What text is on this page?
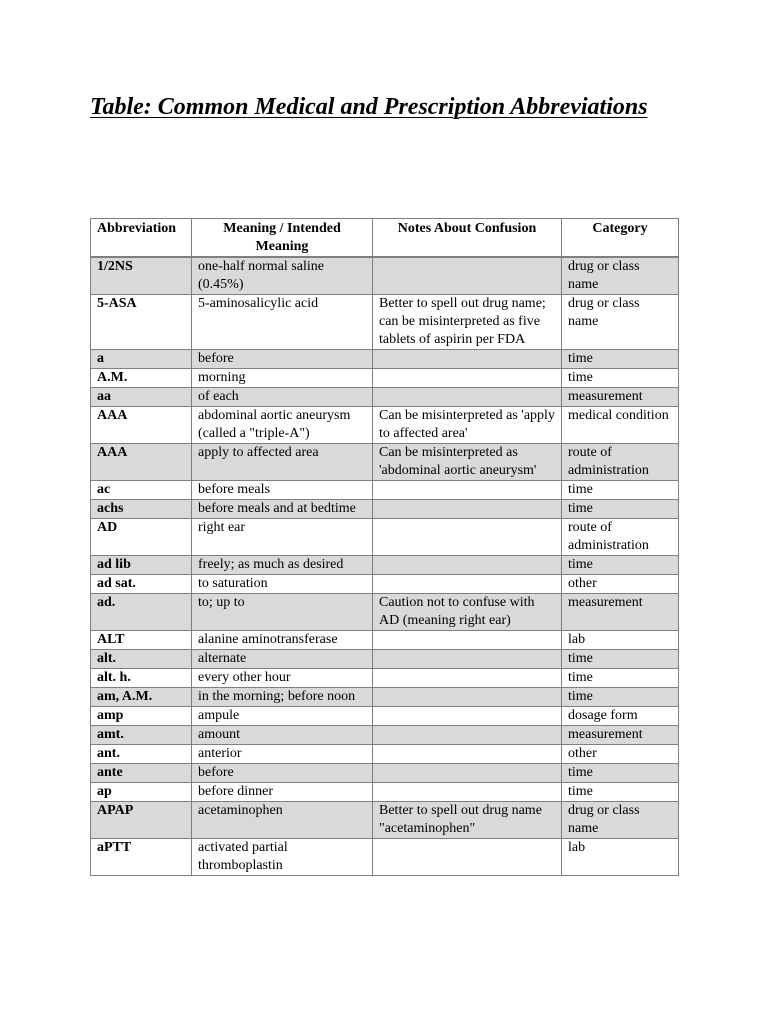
Table: Common Medical and Prescription Abbreviations
Abbreviation	Meaning / Intended Meaning	Notes About Confusion	Category
1/2NS	one-half normal saline (0.45%)		drug or class name
5-ASA	5-aminosalicylic acid	Better to spell out drug name; can be misinterpreted as five tablets of aspirin per FDA	drug or class name
a	before		time
A.M.	morning		time
aa	of each		measurement
AAA	abdominal aortic aneurysm (called a "triple-A")	Can be misinterpreted as 'apply to affected area'	medical condition
AAA	apply to affected area	Can be misinterpreted as 'abdominal aortic aneurysm'	route of administration
ac	before meals		time
achs	before meals and at bedtime		time
AD	right ear		route of administration
ad lib	freely; as much as desired		time
ad sat.	to saturation		other
ad.	to; up to	Caution not to confuse with AD (meaning right ear)	measurement
ALT	alanine aminotransferase		lab
alt.	alternate		time
alt. h.	every other hour		time
am, A.M.	in the morning; before noon		time
amp	ampule		dosage form
amt.	amount		measurement
ant.	anterior		other
ante	before		time
ap	before dinner		time
APAP	acetaminophen	Better to spell out drug name "acetaminophen"	drug or class name
aPTT	activated partial thromboplastin		lab
